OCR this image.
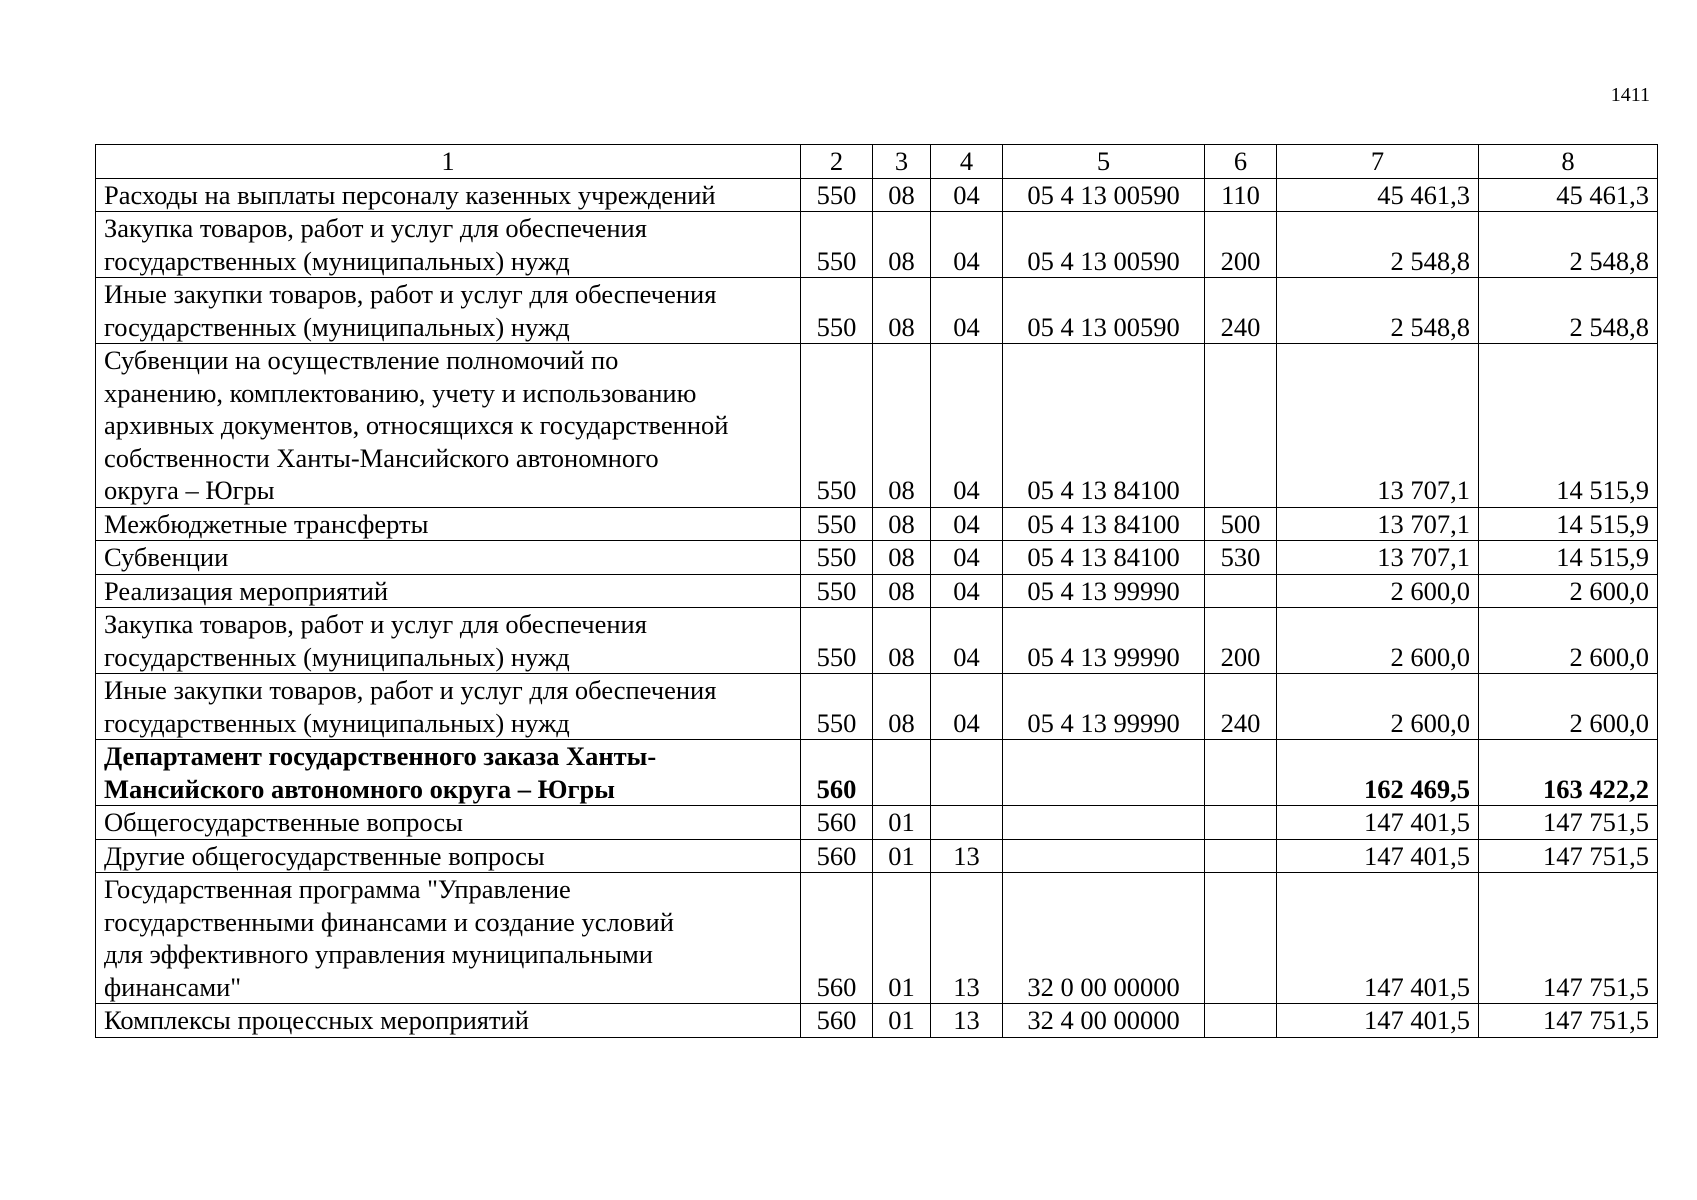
1411
1	2	3	4	5	6	7	8
Расходы на выплаты персоналу казенных учреждений	550	08	04	05 4 13 00590	110	45 461,3	45 461,3
Закупка товаров, работ и услуг для обеспечения
государственных (муниципальных) нужд	550	08	04	05 4 13 00590	200	2 548,8	2 548,8
Иные закупки товаров, работ и услуг для обеспечения
государственных (муниципальных) нужд	550	08	04	05 4 13 00590	240	2 548,8	2 548,8
Субвенции на осуществление полномочий по
хранению, комплектованию, учету и использованию
архивных документов, относящихся к государственной
собственности Ханты-Мансийского автономного
округа – Югры	550	08	04	05 4 13 84100		13 707,1	14 515,9
Межбюджетные трансферты	550	08	04	05 4 13 84100	500	13 707,1	14 515,9
Субвенции	550	08	04	05 4 13 84100	530	13 707,1	14 515,9
Реализация мероприятий	550	08	04	05 4 13 99990		2 600,0	2 600,0
Закупка товаров, работ и услуг для обеспечения
государственных (муниципальных) нужд	550	08	04	05 4 13 99990	200	2 600,0	2 600,0
Иные закупки товаров, работ и услуг для обеспечения
государственных (муниципальных) нужд	550	08	04	05 4 13 99990	240	2 600,0	2 600,0
Департамент государственного заказа Ханты-
Мансийского автономного округа – Югры	560					162 469,5	163 422,2
Общегосударственные вопросы	560	01				147 401,5	147 751,5
Другие общегосударственные вопросы	560	01	13			147 401,5	147 751,5
Государственная программа "Управление
государственными финансами и создание условий
для эффективного управления муниципальными
финансами"	560	01	13	32 0 00 00000		147 401,5	147 751,5
Комплексы процессных мероприятий	560	01	13	32 4 00 00000		147 401,5	147 751,5
